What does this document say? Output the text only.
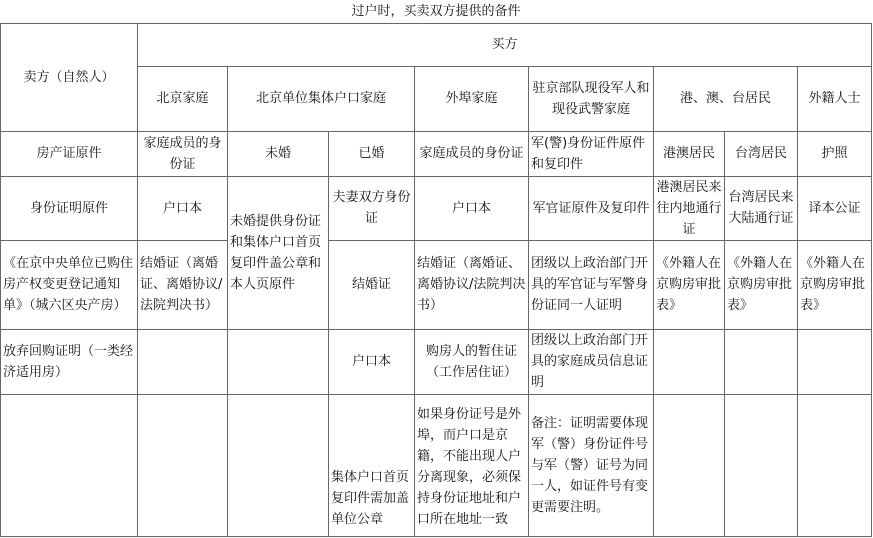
过户时，买卖双方提供的备件								
卖方（自然人）	买方							
	北京家庭	北京单位集体户口家庭		外埠家庭	驻京部队现役军人和现役武警家庭	港、澳、台居民		外籍人士
房产证原件	家庭成员的身份证	未婚	已婚	家庭成员的身份证	军(警)身份证件原件和复印件	港澳居民	台湾居民	护照
身份证明原件	户口本	未婚提供身份证和集体户口首页复印件盖公章和本人页原件	夫妻双方身份证	户口本	军官证原件及复印件	港澳居民来往内地通行证	台湾居民来大陆通行证	译本公证
《在京中央单位已购住房产权变更登记通知单》（城六区央产房）	结婚证（离婚证、离婚协议/法院判决书）		结婚证	结婚证（离婚证、离婚协议/法院判决书）	团级以上政治部门开具的军官证与军警身份证同一人证明	《外籍人在京购房审批表》	《外籍人在京购房审批表》	《外籍人在京购房审批表》
放弃回购证明（一类经济适用房）			户口本	购房人的暂住证（工作居住证）	团级以上政治部门开具的家庭成员信息证明			
			集体户口首页复印件需加盖单位公章	如果身份证号是外埠，而户口是京籍，不能出现人户分离现象，必须保持身份证地址和户口所在地址一致	备注：证明需要体现军（警）身份证件号与军（警）证号为同一人，如证件号有变更需要注明。			
